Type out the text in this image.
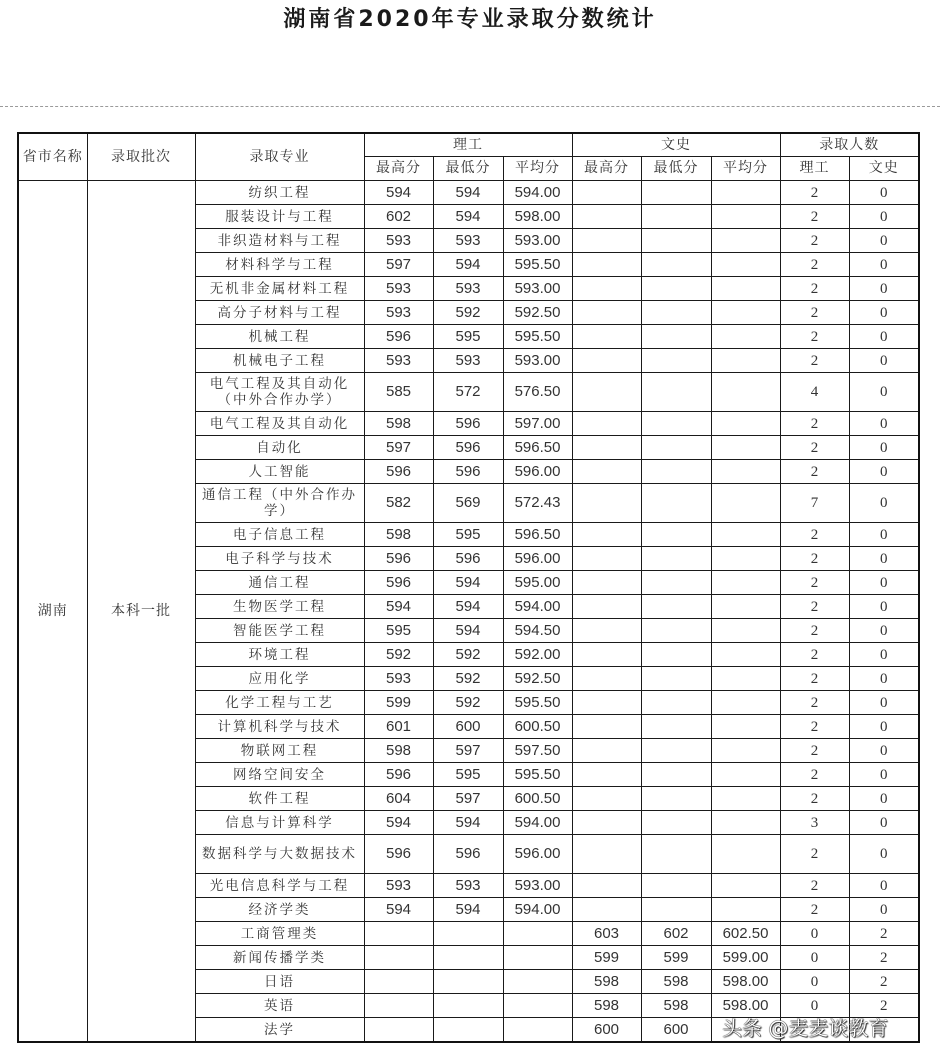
湖南省2020年专业录取分数统计
省市名称	录取批次	录取专业	理工			文史			录取人数	
			最高分	最低分	平均分	最高分	最低分	平均分	理工	文史
湖南	本科一批	纺织工程	594	594	594.00				2	0
		服装设计与工程	602	594	598.00				2	0
		非织造材料与工程	593	593	593.00				2	0
		材料科学与工程	597	594	595.50				2	0
		无机非金属材料工程	593	593	593.00				2	0
		高分子材料与工程	593	592	592.50				2	0
		机械工程	596	595	595.50				2	0
		机械电子工程	593	593	593.00				2	0
		电气工程及其自动化（中外合作办学）	585	572	576.50				4	0
		电气工程及其自动化	598	596	597.00				2	0
		自动化	597	596	596.50				2	0
		人工智能	596	596	596.00				2	0
		通信工程（中外合作办学）	582	569	572.43				7	0
		电子信息工程	598	595	596.50				2	0
		电子科学与技术	596	596	596.00				2	0
		通信工程	596	594	595.00				2	0
		生物医学工程	594	594	594.00				2	0
		智能医学工程	595	594	594.50				2	0
		环境工程	592	592	592.00				2	0
		应用化学	593	592	592.50				2	0
		化学工程与工艺	599	592	595.50				2	0
		计算机科学与技术	601	600	600.50				2	0
		物联网工程	598	597	597.50				2	0
		网络空间安全	596	595	595.50				2	0
		软件工程	604	597	600.50				2	0
		信息与计算科学	594	594	594.00				3	0
		数据科学与大数据技术	596	596	596.00				2	0
		光电信息科学与工程	593	593	593.00				2	0
		经济学类	594	594	594.00				2	0
		工商管理类				603	602	602.50	0	2
		新闻传播学类				599	599	599.00	0	2
		日语				598	598	598.00	0	2
		英语				598	598	598.00	0	2
		法学				600	600			头条 @麦麦谈教育
